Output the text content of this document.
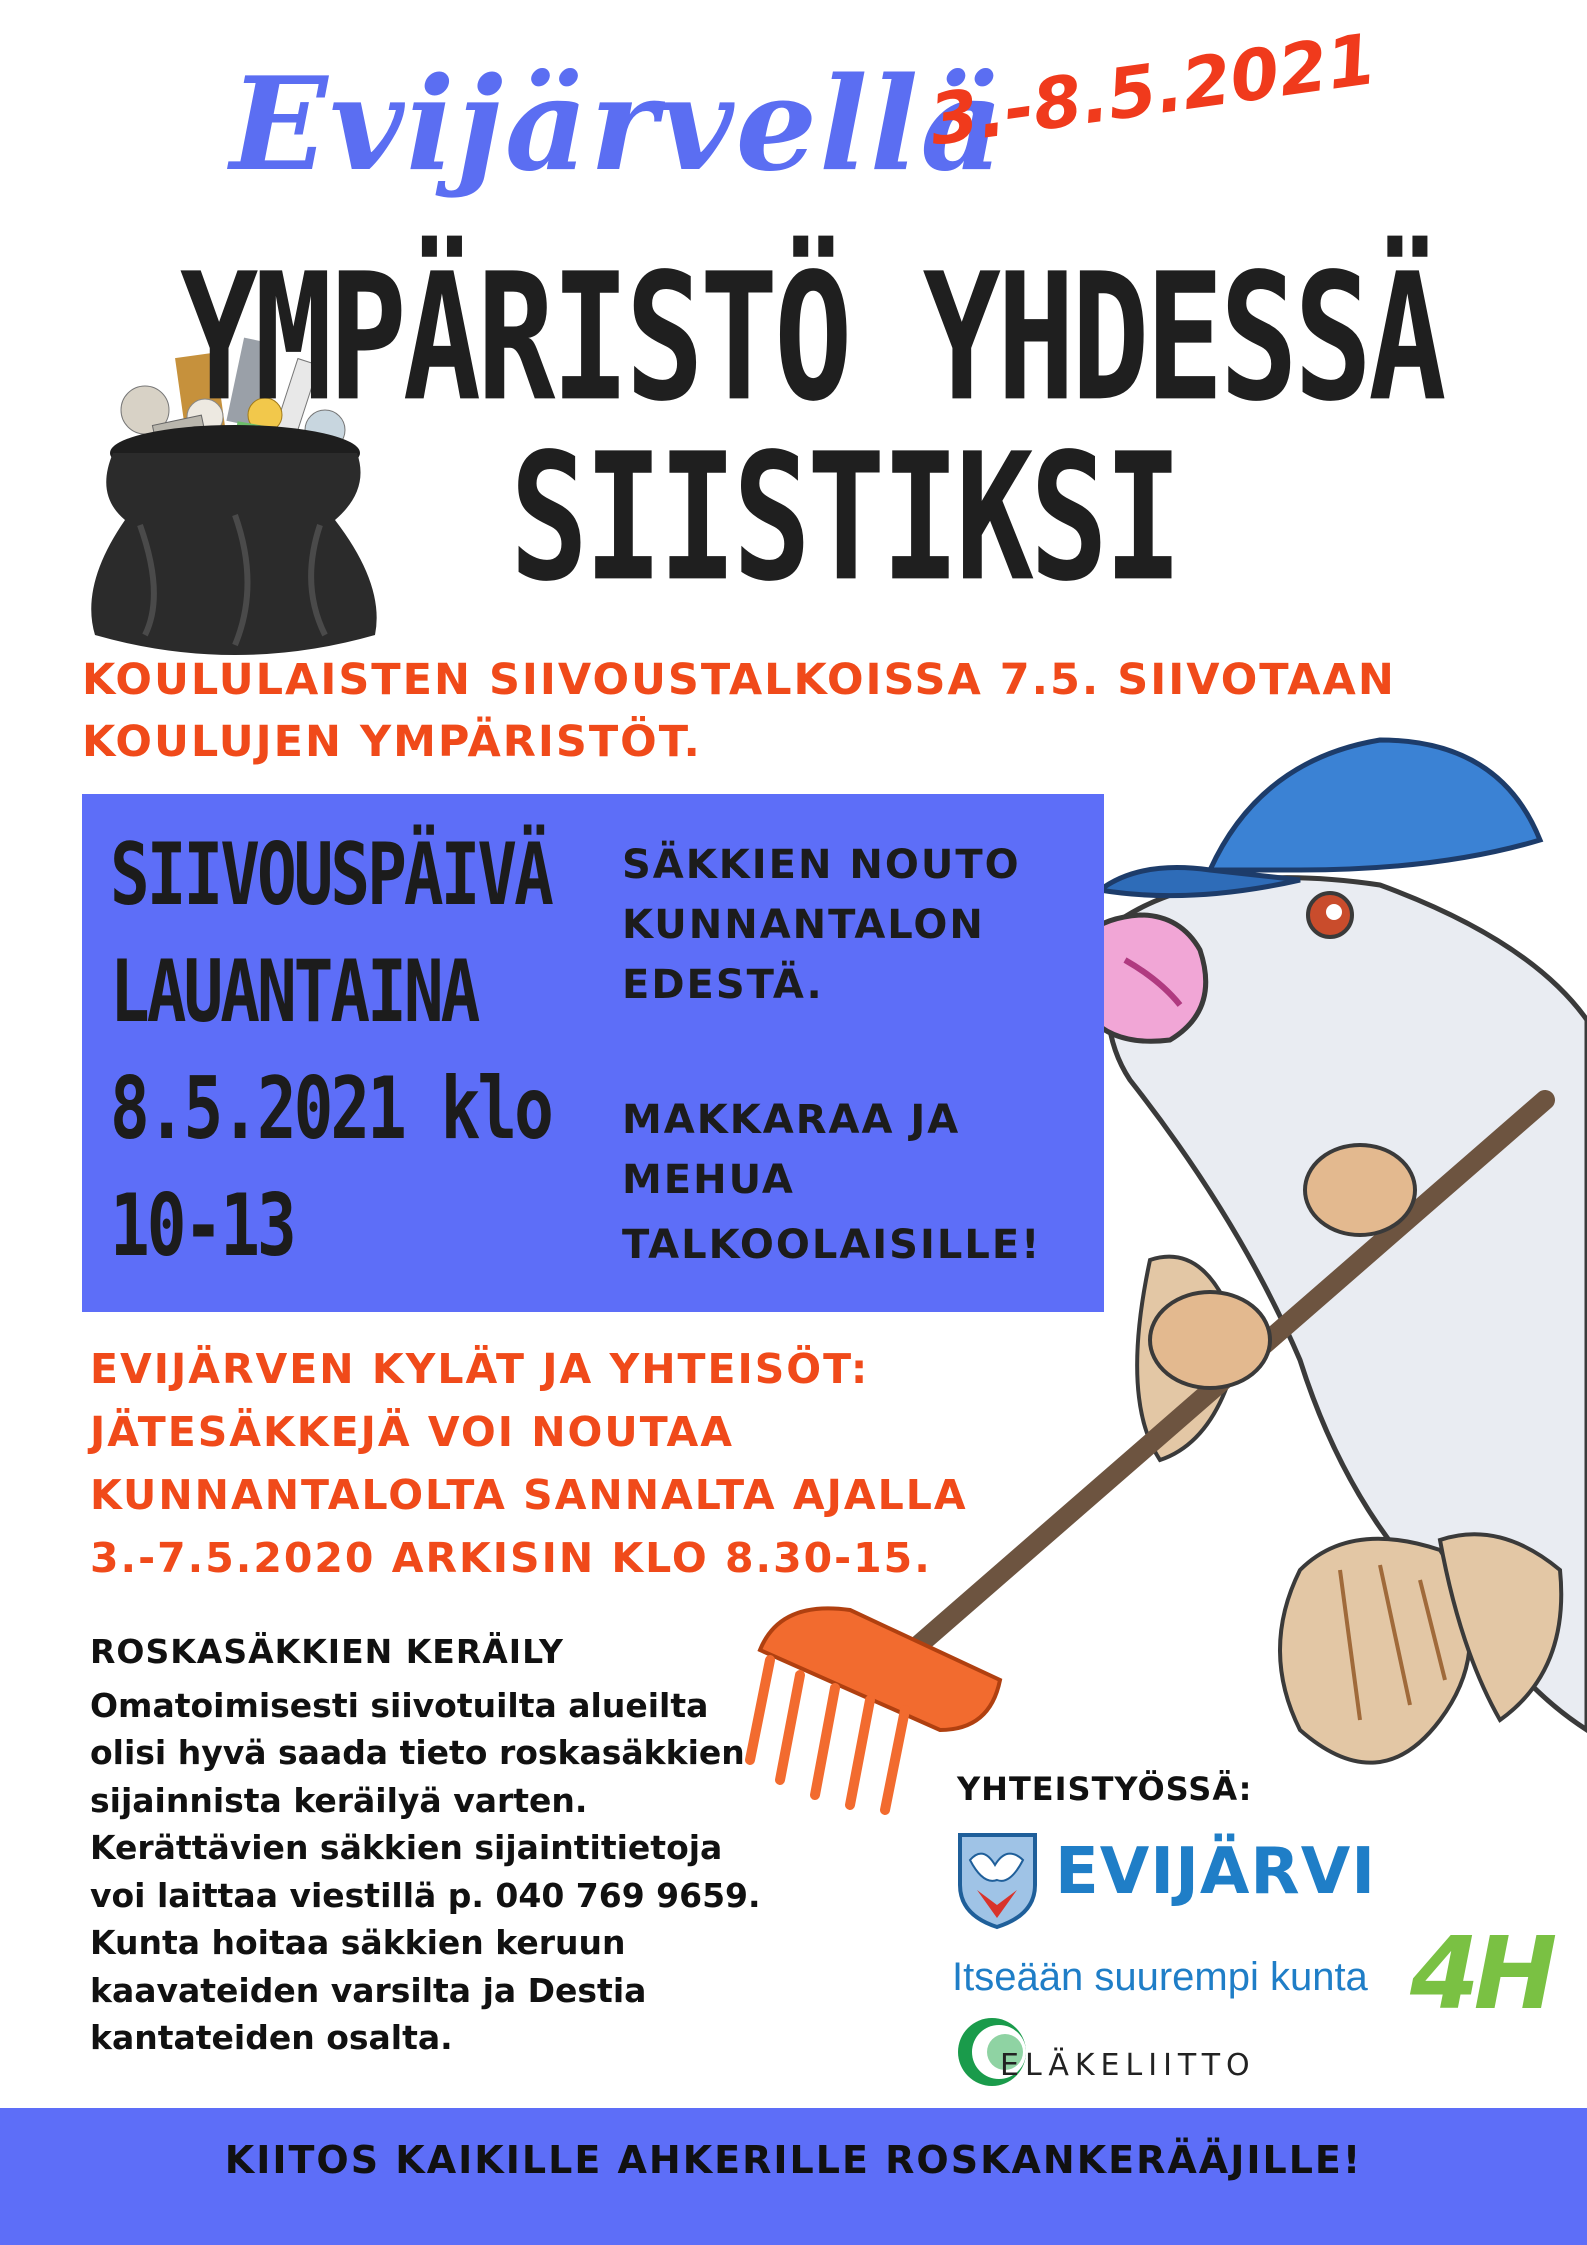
Evijärvellä
3.-8.5.2021
YMPÄRISTÖ YHDESSÄ
SIISTIKSI
KOULULAISTEN SIIVOUSTALKOISSA 7.5. SIIVOTAAN
KOULUJEN YMPÄRISTÖT.
SIIVOUSPÄIVÄ
LAUANTAINA
8.5.2021 klo
10-13
SÄKKIEN NOUTO
KUNNANTALON
EDESTÄ.
MAKKARAA JA
MEHUA
TALKOOLAISILLE!
EVIJÄRVEN KYLÄT JA YHTEISÖT:
JÄTESÄKKEJÄ VOI NOUTAA
KUNNANTALOLTA SANNALTA AJALLA
3.-7.5.2020 ARKISIN KLO 8.30-15.
ROSKASÄKKIEN KERÄILY
Omatoimisesti siivotuilta alueilta
olisi hyvä saada tieto roskasäkkien
sijainnista keräilyä varten.
Kerättävien säkkien sijaintitietoja
voi laittaa viestillä p. 040 769 9659.
Kunta hoitaa säkkien keruun
kaavateiden varsilta ja Destia
kantateiden osalta.
YHTEISTYÖSSÄ:
EVIJÄRVI
Itseään suurempi kunta
ELÄKELIITTO
4H
KIITOS KAIKILLE AHKERILLE ROSKANKERÄÄJILLE!
